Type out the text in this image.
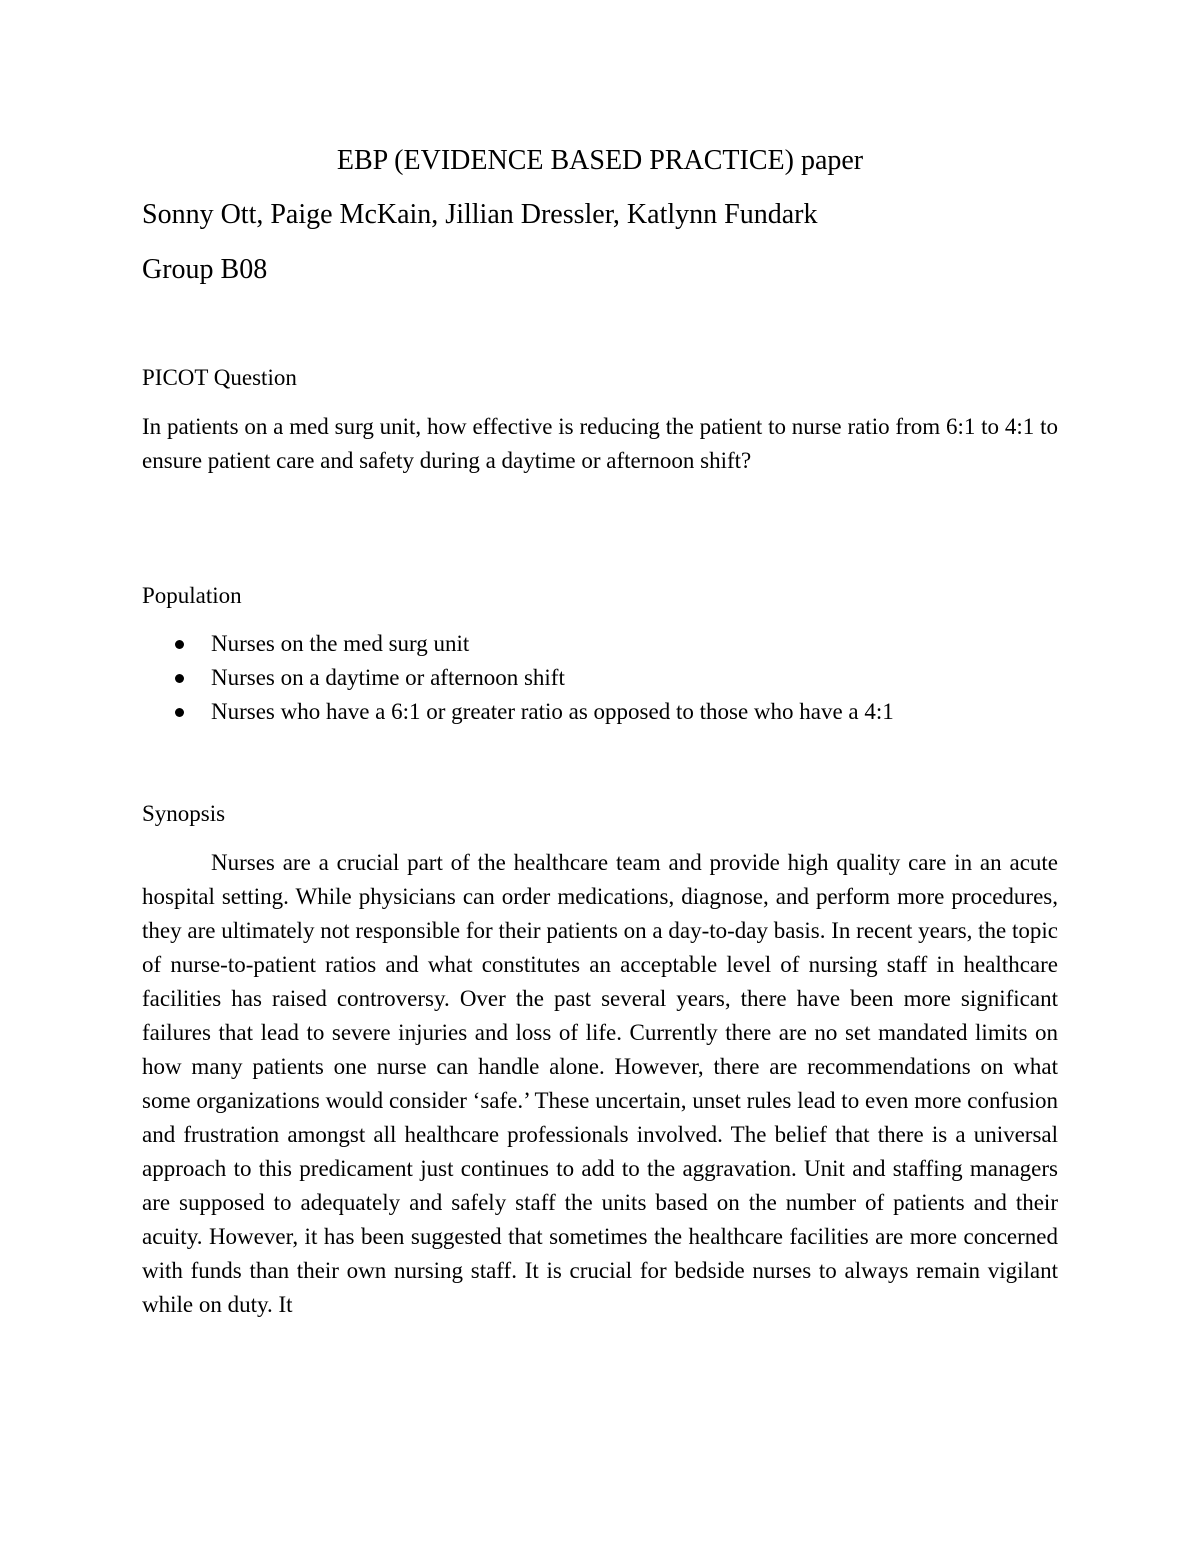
EBP (EVIDENCE BASED PRACTICE) paper

Sonny Ott, Paige McKain, Jillian Dressler, Katlynn Fundark

Group B08

PICOT Question

In patients on a med surg unit, how effective is reducing the patient to nurse ratio from 6:1 to 4:1 to ensure patient care and safety during a daytime or afternoon shift?

Population
Nurses on the med surg unit
Nurses on a daytime or afternoon shift
Nurses who have a 6:1 or greater ratio as opposed to those who have a 4:1
Synopsis

Nurses are a crucial part of the healthcare team and provide high quality care in an acute hospital setting. While physicians can order medications, diagnose, and perform more procedures, they are ultimately not responsible for their patients on a day-to-day basis. In recent years, the topic of nurse-to-patient ratios and what constitutes an acceptable level of nursing staff in healthcare facilities has raised controversy. Over the past several years, there have been more significant failures that lead to severe injuries and loss of life. Currently there are no set mandated limits on how many patients one nurse can handle alone. However, there are recommendations on what some organizations would consider ‘safe.’ These uncertain, unset rules lead to even more confusion and frustration amongst all healthcare professionals involved. The belief that there is a universal approach to this predicament just continues to add to the aggravation. Unit and staffing managers are supposed to adequately and safely staff the units based on the number of patients and their acuity. However, it has been suggested that sometimes the healthcare facilities are more concerned with funds than their own nursing staff. It is crucial for bedside nurses to always remain vigilant while on duty. It
